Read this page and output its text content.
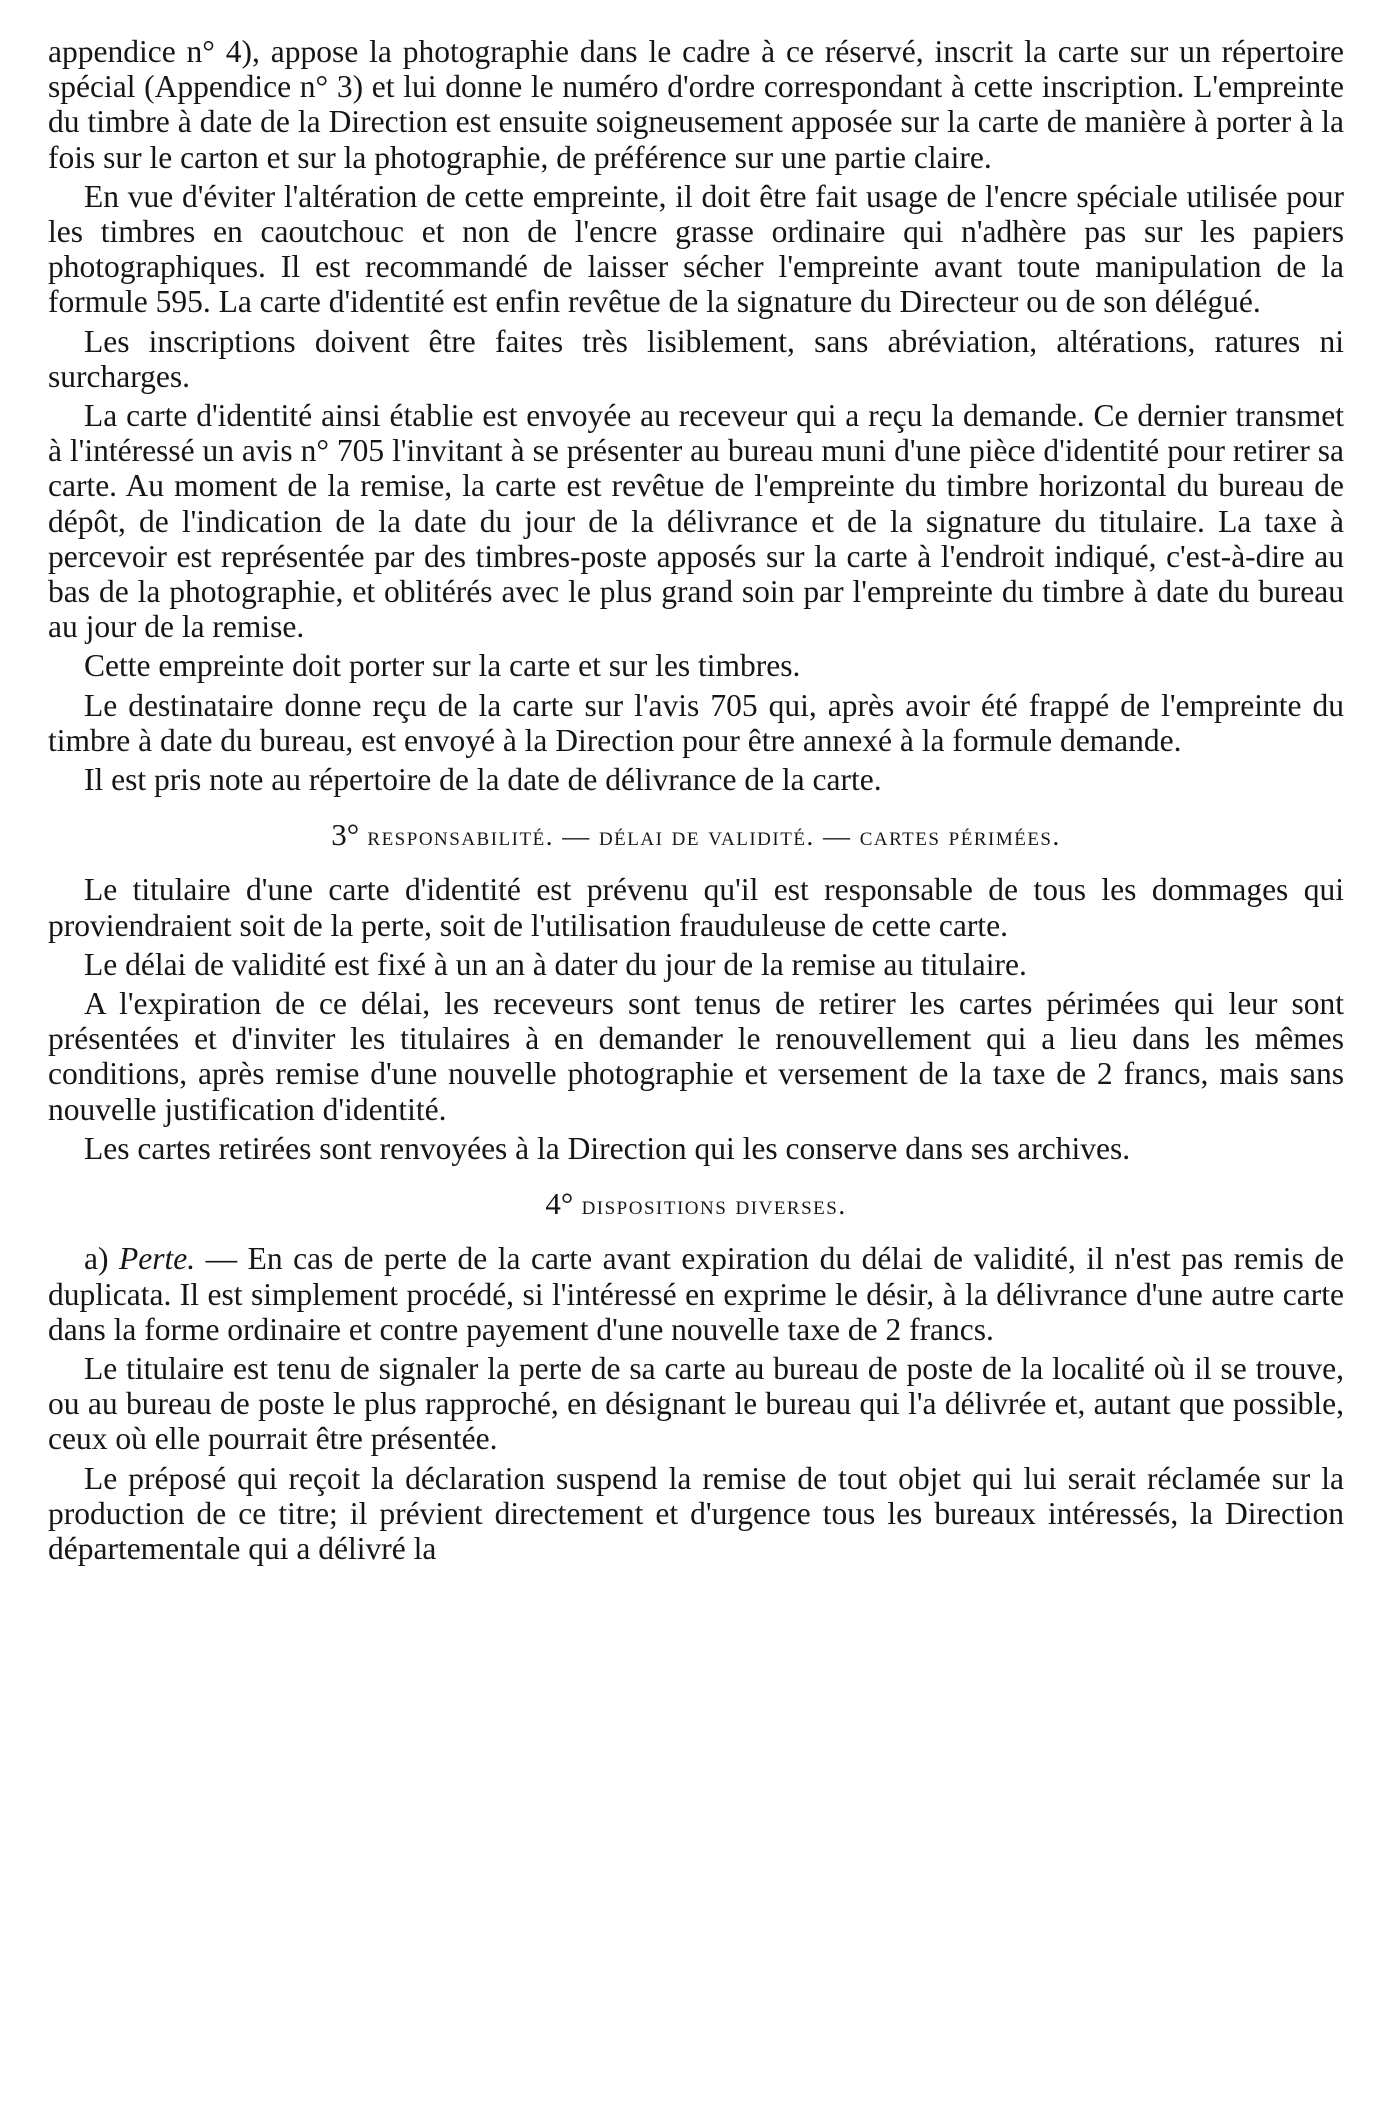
appendice n° 4), appose la photographie dans le cadre à ce réservé, inscrit la carte sur un répertoire spécial (Appendice n° 3) et lui donne le numéro d'ordre correspondant à cette inscription. L'empreinte du timbre à date de la Direction est ensuite soigneusement apposée sur la carte de manière à porter à la fois sur le carton et sur la photographie, de préférence sur une partie claire.

En vue d'éviter l'altération de cette empreinte, il doit être fait usage de l'encre spéciale utilisée pour les timbres en caoutchouc et non de l'encre grasse ordinaire qui n'adhère pas sur les papiers photographiques. Il est recommandé de laisser sécher l'empreinte avant toute manipulation de la formule 595. La carte d'identité est enfin revêtue de la signature du Directeur ou de son délégué.

Les inscriptions doivent être faites très lisiblement, sans abréviation, altérations, ratures ni surcharges.

La carte d'identité ainsi établie est envoyée au receveur qui a reçu la demande. Ce dernier transmet à l'intéressé un avis n° 705 l'invitant à se présenter au bureau muni d'une pièce d'identité pour retirer sa carte. Au moment de la remise, la carte est revêtue de l'empreinte du timbre horizontal du bureau de dépôt, de l'indication de la date du jour de la délivrance et de la signature du titulaire. La taxe à percevoir est représentée par des timbres-poste apposés sur la carte à l'endroit indiqué, c'est-à-dire au bas de la photographie, et oblitérés avec le plus grand soin par l'empreinte du timbre à date du bureau au jour de la remise.

Cette empreinte doit porter sur la carte et sur les timbres.

Le destinataire donne reçu de la carte sur l'avis 705 qui, après avoir été frappé de l'empreinte du timbre à date du bureau, est envoyé à la Direction pour être annexé à la formule demande.

Il est pris note au répertoire de la date de délivrance de la carte.

3° responsabilité. — délai de validité. — cartes périmées.

Le titulaire d'une carte d'identité est prévenu qu'il est responsable de tous les dommages qui proviendraient soit de la perte, soit de l'utilisation frauduleuse de cette carte.

Le délai de validité est fixé à un an à dater du jour de la remise au titulaire.

A l'expiration de ce délai, les receveurs sont tenus de retirer les cartes périmées qui leur sont présentées et d'inviter les titulaires à en demander le renouvellement qui a lieu dans les mêmes conditions, après remise d'une nouvelle photographie et versement de la taxe de 2 francs, mais sans nouvelle justification d'identité.

Les cartes retirées sont renvoyées à la Direction qui les conserve dans ses archives.

4° dispositions diverses.

a) Perte. — En cas de perte de la carte avant expiration du délai de validité, il n'est pas remis de duplicata. Il est simplement procédé, si l'intéressé en exprime le désir, à la délivrance d'une autre carte dans la forme ordinaire et contre payement d'une nouvelle taxe de 2 francs.

Le titulaire est tenu de signaler la perte de sa carte au bureau de poste de la localité où il se trouve, ou au bureau de poste le plus rapproché, en désignant le bureau qui l'a délivrée et, autant que possible, ceux où elle pourrait être présentée.

Le préposé qui reçoit la déclaration suspend la remise de tout objet qui lui serait réclamée sur la production de ce titre; il prévient directement et d'urgence tous les bureaux intéressés, la Direction départementale qui a délivré la
